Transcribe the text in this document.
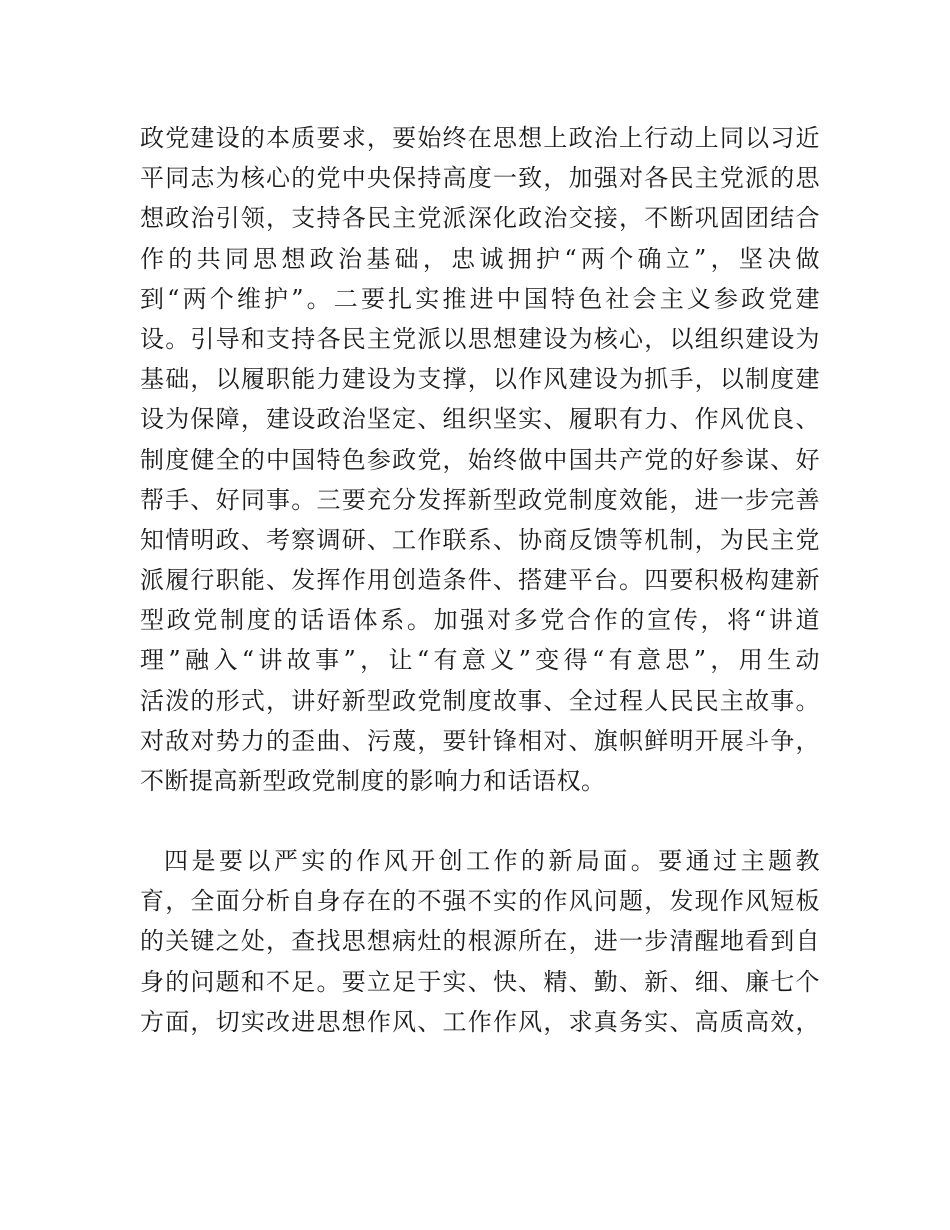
政党建设的本质要求，要始终在思想上政治上行动上同以习近
平同志为核心的党中央保持高度一致，加强对各民主党派的思
想政治引领，支持各民主党派深化政治交接，不断巩固团结合
作的共同思想政治基础，忠诚拥护“两个确立”，坚决做
到“两个维护”。二要扎实推进中国特色社会主义参政党建
设。引导和支持各民主党派以思想建设为核心，以组织建设为
基础，以履职能力建设为支撑，以作风建设为抓手，以制度建
设为保障，建设政治坚定、组织坚实、履职有力、作风优良、
制度健全的中国特色参政党，始终做中国共产党的好参谋、好
帮手、好同事。三要充分发挥新型政党制度效能，进一步完善
知情明政、考察调研、工作联系、协商反馈等机制，为民主党
派履行职能、发挥作用创造条件、搭建平台。四要积极构建新
型政党制度的话语体系。加强对多党合作的宣传，将“讲道
理”融入“讲故事”，让“有意义”变得“有意思”，用生动
活泼的形式，讲好新型政党制度故事、全过程人民民主故事。
对敌对势力的歪曲、污蔑，要针锋相对、旗帜鲜明开展斗争，
不断提高新型政党制度的影响力和话语权。
四是要以严实的作风开创工作的新局面。要通过主题教
育，全面分析自身存在的不强不实的作风问题，发现作风短板
的关键之处，查找思想病灶的根源所在，进一步清醒地看到自
身的问题和不足。要立足于实、快、精、勤、新、细、廉七个
方面，切实改进思想作风、工作作风，求真务实、高质高效，
